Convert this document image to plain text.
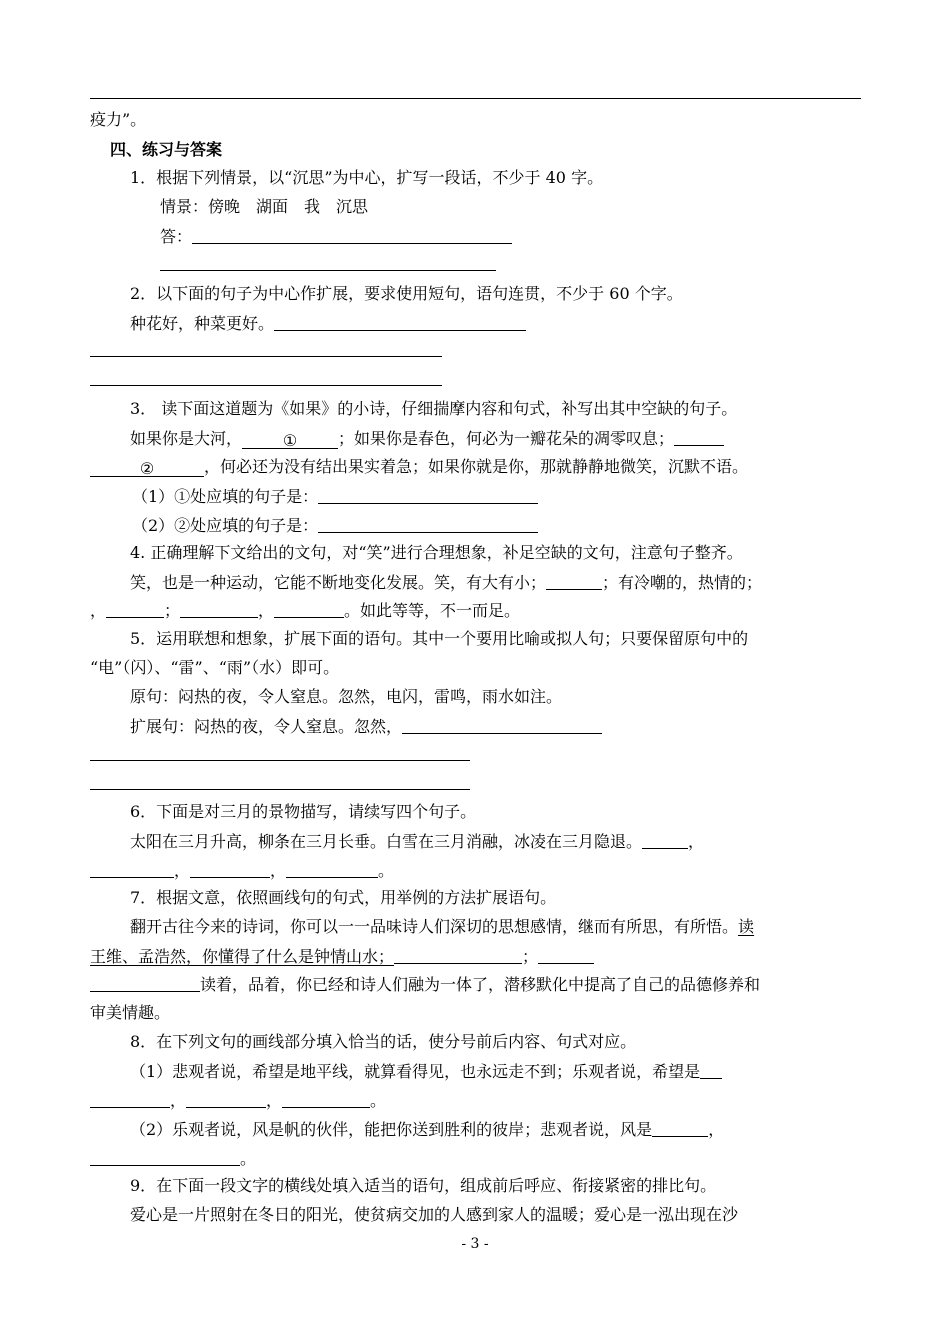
疫力”。
四、练习与答案
1．根据下列情景，以“沉思”为中心，扩写一段话，不少于 40 字。
情景：傍晚　湖面　我　沉思
答：
2．以下面的句子为中心作扩展，要求使用短句，语句连贯，不少于 60 个字。
种花好，种菜更好。
3． 读下面这道题为《如果》的小诗，仔细揣摩内容和句式，补写出其中空缺的句子。
如果你是大河，	①	；如果你是春色，何必为一瓣花朵的凋零叹息；
②	，何必还为没有结出果实着急；如果你就是你，那就静静地微笑，沉默不语。
（1）①处应填的句子是：
（2）②处应填的句子是：
4. 正确理解下文给出的文句，对“笑”进行合理想象，补足空缺的文句，注意句子整齐。
笑，也是一种运动，它能不断地变化发展。笑，有大有小；	；有冷嘲的，热情的；
，	；	，	。如此等等，不一而足。
5．运用联想和想象，扩展下面的语句。其中一个要用比喻或拟人句；只要保留原句中的
“电”（闪）、“雷”、“雨”（水）即可。
原句：闷热的夜，令人窒息。忽然，电闪，雷鸣，雨水如注。
扩展句：闷热的夜，令人窒息。忽然，
6．下面是对三月的景物描写，请续写四个句子。
太阳在三月升高，柳条在三月长垂。白雪在三月消融，冰凌在三月隐退。	，
，	，	。
7．根据文意，依照画线句的句式，用举例的方法扩展语句。
翻开古往今来的诗词，你可以一一品味诗人们深切的思想感情，继而有所思，有所悟。读
王维、孟浩然，你懂得了什么是钟情山水；	；
读着，品着，你已经和诗人们融为一体了，潜移默化中提高了自己的品德修养和
审美情趣。
8．在下列文句的画线部分填入恰当的话，使分号前后内容、句式对应。
（1）悲观者说，希望是地平线，就算看得见，也永远走不到；乐观者说，希望是
，	，	。
（2）乐观者说，风是帆的伙伴，能把你送到胜利的彼岸；悲观者说，风是	，
。
9．在下面一段文字的横线处填入适当的语句，组成前后呼应、衔接紧密的排比句。
爱心是一片照射在冬日的阳光，使贫病交加的人感到家人的温暖；爱心是一泓出现在沙
- 3 -
